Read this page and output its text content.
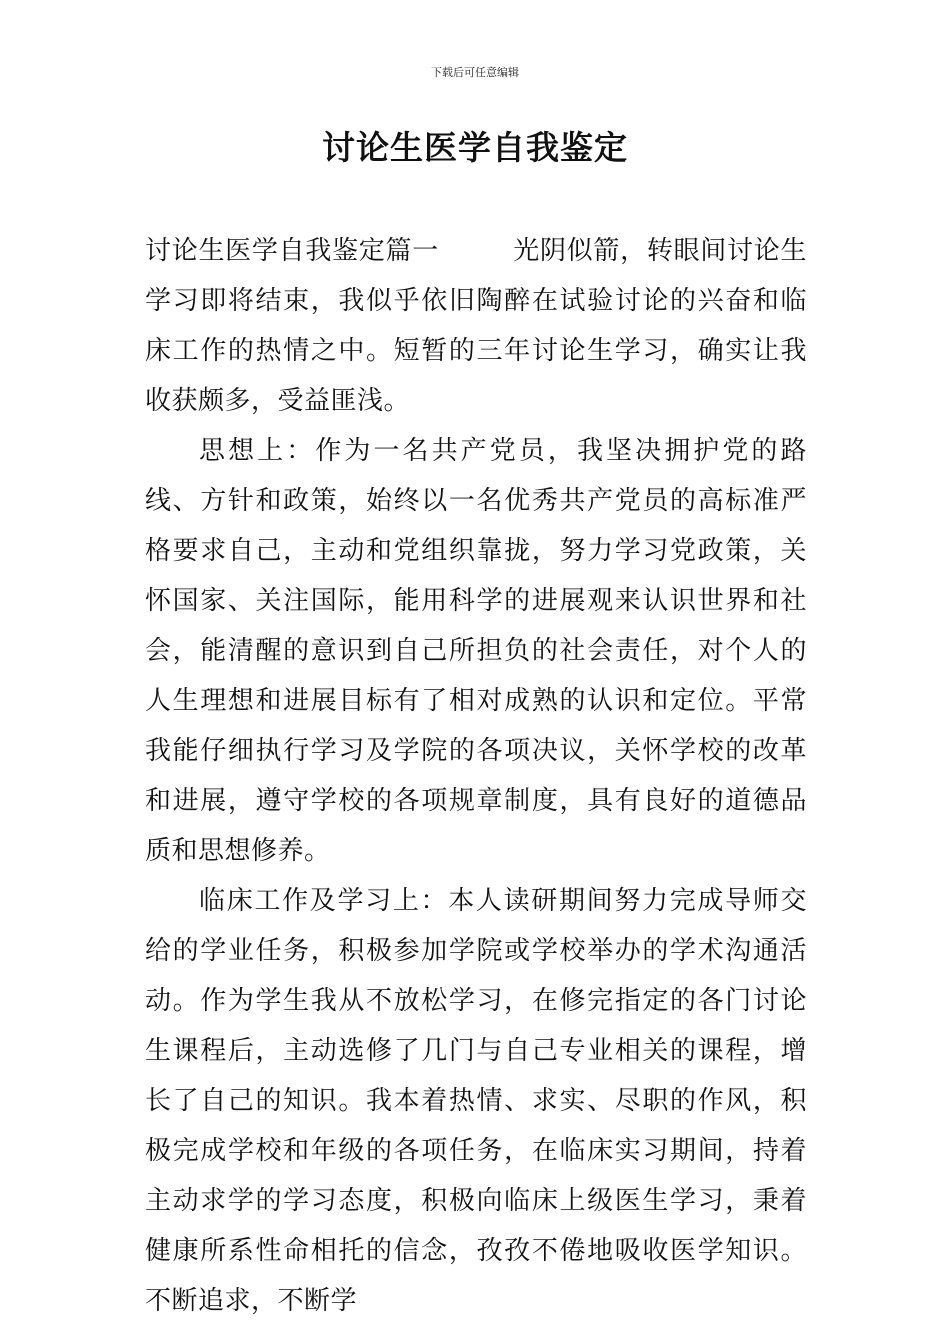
下载后可任意编辑
讨论生医学自我鉴定

讨论生医学自我鉴定篇一	光阴似箭，转眼间讨论生学习即将结束，我似乎依旧陶醉在试验讨论的兴奋和临床工作的热情之中。短暂的三年讨论生学习，确实让我收获颇多，受益匪浅。

思想上：作为一名共产党员，我坚决拥护党的路线、方针和政策，始终以一名优秀共产党员的高标准严格要求自己，主动和党组织靠拢，努力学习党政策，关怀国家、关注国际，能用科学的进展观来认识世界和社会，能清醒的意识到自己所担负的社会责任，对个人的人生理想和进展目标有了相对成熟的认识和定位。平常我能仔细执行学习及学院的各项决议，关怀学校的改革和进展，遵守学校的各项规章制度，具有良好的道德品质和思想修养。

临床工作及学习上：本人读研期间努力完成导师交给的学业任务，积极参加学院或学校举办的学术沟通活动。作为学生我从不放松学习，在修完指定的各门讨论生课程后，主动选修了几门与自己专业相关的课程，增长了自己的知识。我本着热情、求实、尽职的作风，积极完成学校和年级的各项任务，在临床实习期间，持着主动求学的学习态度，积极向临床上级医生学习，秉着健康所系性命相托的信念，孜孜不倦地吸收医学知识。不断追求，不断学
